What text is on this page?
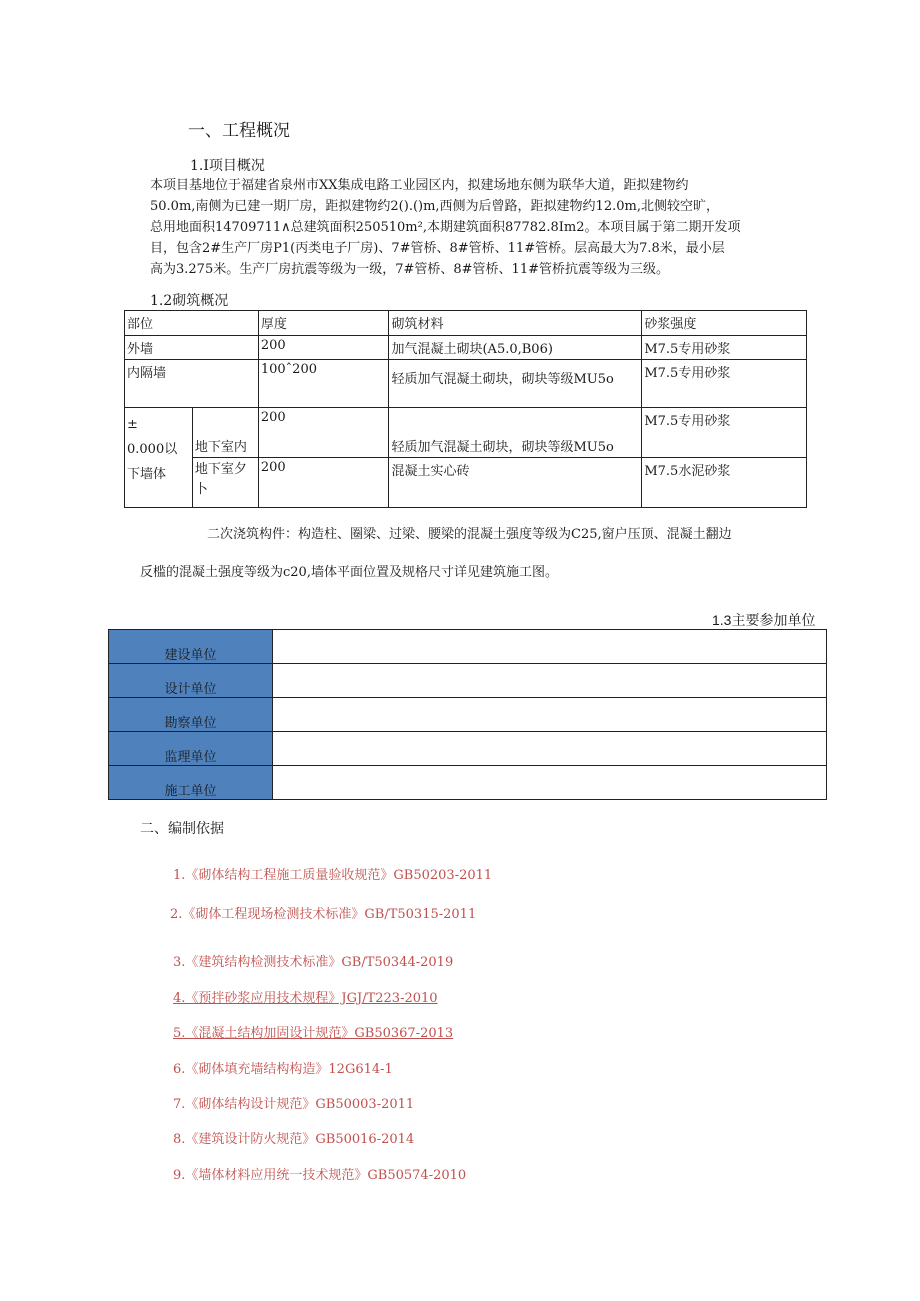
一、工程概况
1.Ⅰ项目概况
本项目基地位于福建省泉州市XX集成电路工业园区内，拟建场地东侧为联华大道，距拟建物约
50.0m,南侧为已建一期厂房，距拟建物约2().()m,西侧为后曾路，距拟建物约12.0m,北侧较空旷，
总用地面积14709711∧总建筑面积250510m²,本期建筑面积87782.8Im2。本项目属于第二期开发项
目，包含2#生产厂房P1(丙类电子厂房)、7#管桥、8#管桥、11#管桥。层高最大为7.8米，最小层
高为3.275米。生产厂房抗震等级为一级，7#管桥、8#管桥、11#管桥抗震等级为三级。
1.2砌筑概况
部位		厚度	砌筑材料	砂浆强度
外墙		200	加气混凝土砌块(A5.0,B06)	M7.5专用砂浆
内隔墙		100ˆ200	轻质加气混凝土砌块，砌块等级MU5o	M7.5专用砂浆

±
0.000以
下墙体	地下室内	200	轻质加气混凝土砌块，砌块等级MU5o	M7.5专用砂浆

	地下室夕
卜	200	混凝土实心砖	M7.5水泥砂浆
二次浇筑构件：构造柱、圈梁、过梁、腰梁的混凝土强度等级为C25,窗户压顶、混凝土翻边
反槛的混凝土强度等级为c20,墙体平面位置及规格尺寸详见建筑施工图。
1.3主要参加单位
建设单位	
设计单位	
勘察单位	
监理单位	
施工单位	
二、编制依据
1.《砌体结构工程施工质量验收规范》GB50203-2011
2.《砌体工程现场检测技术标准》GB/T50315-2011
3.《建筑结构检测技术标准》GB/T50344-2019
4.《预拌砂浆应用技术规程》JGJ/T223-2010
5.《混凝土结构加固设计规范》GB50367-2013
6.《砌体填充墙结构构造》12G614-1
7.《砌体结构设计规范》GB50003-2011
8.《建筑设计防火规范》GB50016-2014
9.《墙体材料应用统一技术规范》GB50574-2010
